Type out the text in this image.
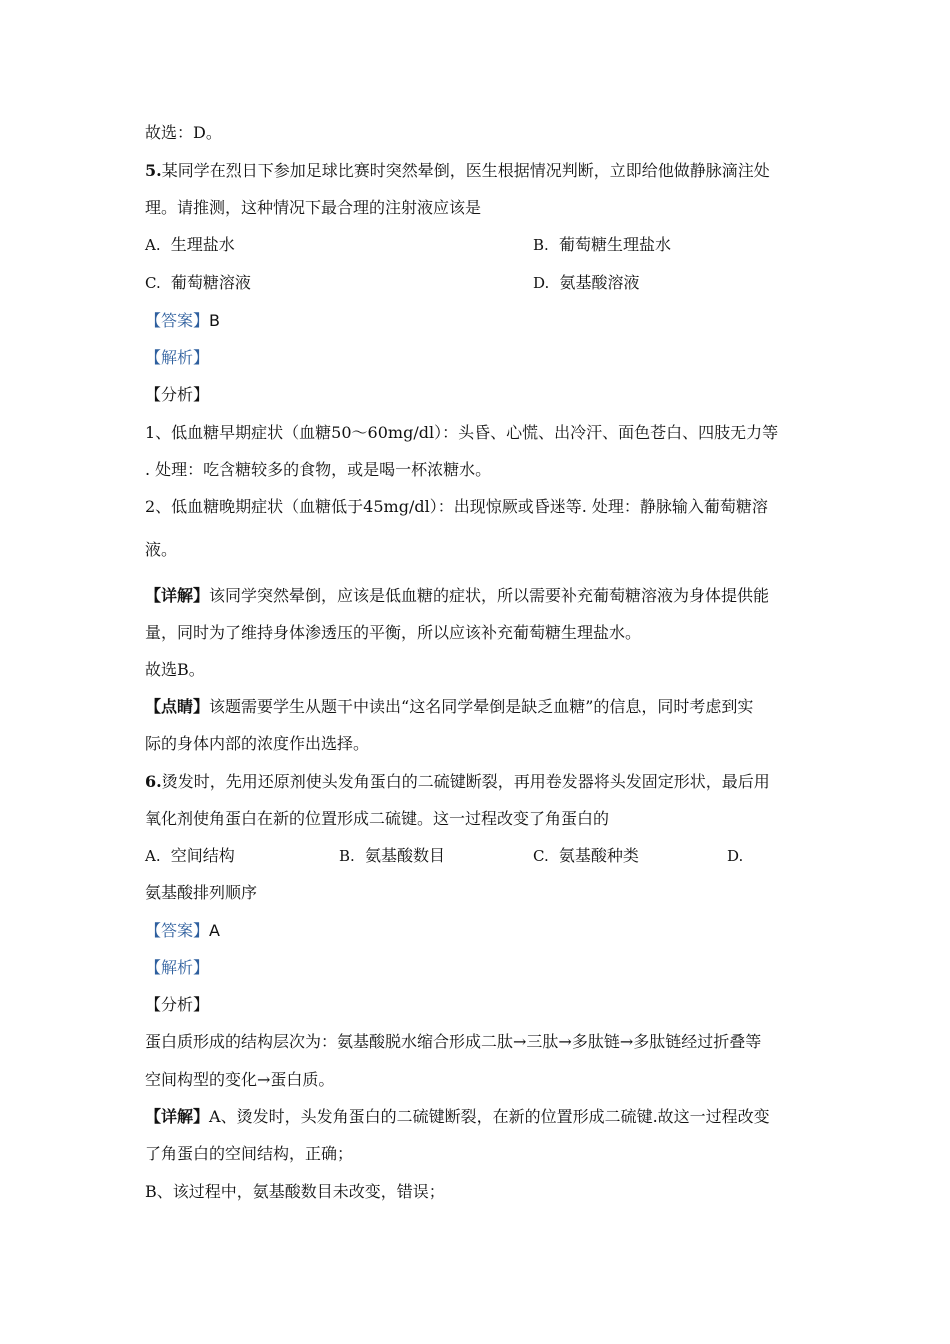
故选：D。
5.某同学在烈日下参加足球比赛时突然晕倒，医生根据情况判断，立即给他做静脉滴注处
理。请推测，这种情况下最合理的注射液应该是
A. 生理盐水	B. 葡萄糖生理盐水
C. 葡萄糖溶液	D. 氨基酸溶液
【答案】B
【解析】
【分析】
1、低血糖早期症状（血糖50～60mg/dl）：头昏、心慌、出冷汗、面色苍白、四肢无力等
. 处理：吃含糖较多的食物，或是喝一杯浓糖水。
2、低血糖晚期症状（血糖低于45mg/dl）：出现惊厥或昏迷等. 处理：静脉输入葡萄糖溶
液。
【详解】该同学突然晕倒，应该是低血糖的症状，所以需要补充葡萄糖溶液为身体提供能
量，同时为了维持身体渗透压的平衡，所以应该补充葡萄糖生理盐水。
故选B。
【点睛】该题需要学生从题干中读出“这名同学晕倒是缺乏血糖”的信息，同时考虑到实
际的身体内部的浓度作出选择。
6.烫发时，先用还原剂使头发角蛋白的二硫键断裂，再用卷发器将头发固定形状，最后用
氧化剂使角蛋白在新的位置形成二硫键。这一过程改变了角蛋白的
A. 空间结构	B. 氨基酸数目	C. 氨基酸种类	D.
氨基酸排列顺序
【答案】A
【解析】
【分析】
蛋白质形成的结构层次为：氨基酸脱水缩合形成二肽→三肽→多肽链→多肽链经过折叠等
空间构型的变化→蛋白质。
【详解】A、烫发时，头发角蛋白的二硫键断裂，在新的位置形成二硫键.故这一过程改变
了角蛋白的空间结构，正确；
B、该过程中，氨基酸数目未改变，错误；
